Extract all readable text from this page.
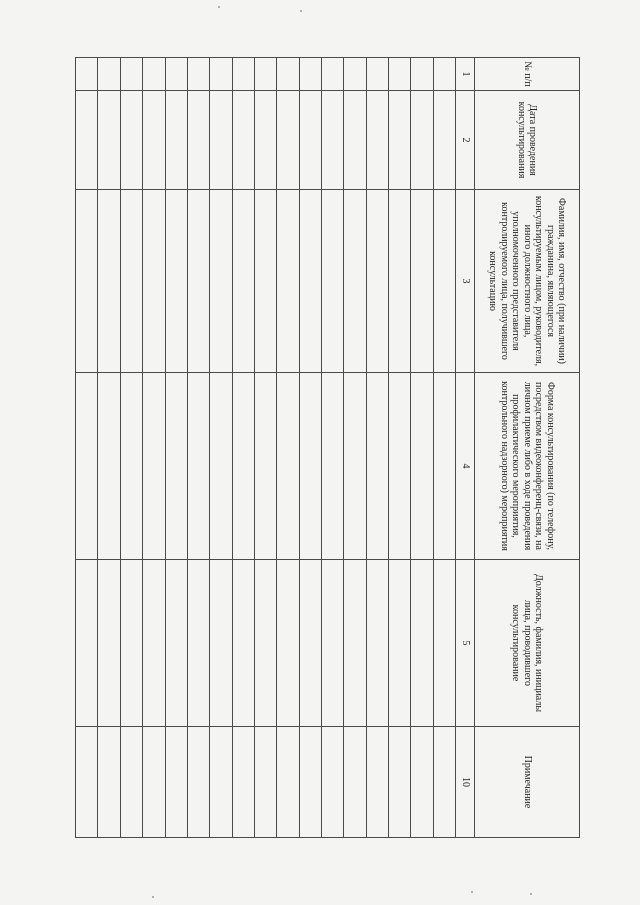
№ п/п	Дата проведения консультирования	Фамилия, имя, отчество (при наличии) гражданина, являющегося консультируемым лицом, руководителя, иного должностного лица, уполномоченного представителя контролируемого лица, получившего консультацию	Форма консультирования (по телефону, посредством видеоконференц-связи, на личном приеме либо в ходе проведения профилактического мероприятия, контрольного надзорного) мероприятия	Должность, фамилия, инициалы лица, проводившего консультирование	Примечание

1	2	3	4	5	10
